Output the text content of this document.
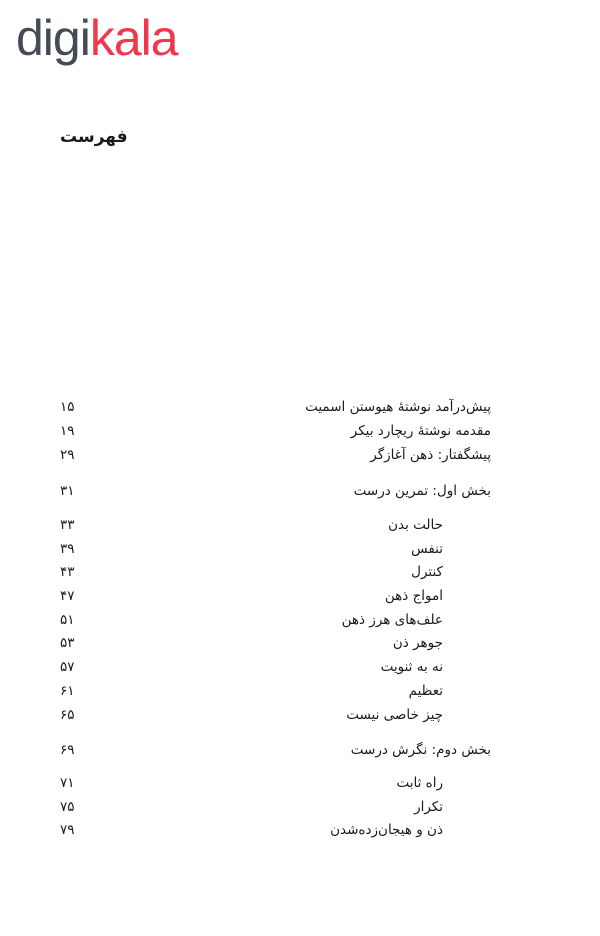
digikala
فهرست
پیش‌درآمد نوشتهٔ هیوستن اسمیت
۱۵
مقدمه نوشتهٔ ریچارد بیکر
۱۹
پیشگفتار: ذهن آغازگر
۲۹
بخش اول: تمرین درست
۳۱
حالت بدن
۳۳
تنفس
۳۹
کنترل
۴۳
امواج ذهن
۴۷
علف‌های هرز ذهن
۵۱
جوهر ذن
۵۳
نه به ثنویت
۵۷
تعظیم
۶۱
چیز خاصی نیست
۶۵
بخش دوم: نگرش درست
۶۹
راه ثابت
۷۱
تکرار
۷۵
ذن و هیجان‌زده‌شدن
۷۹
